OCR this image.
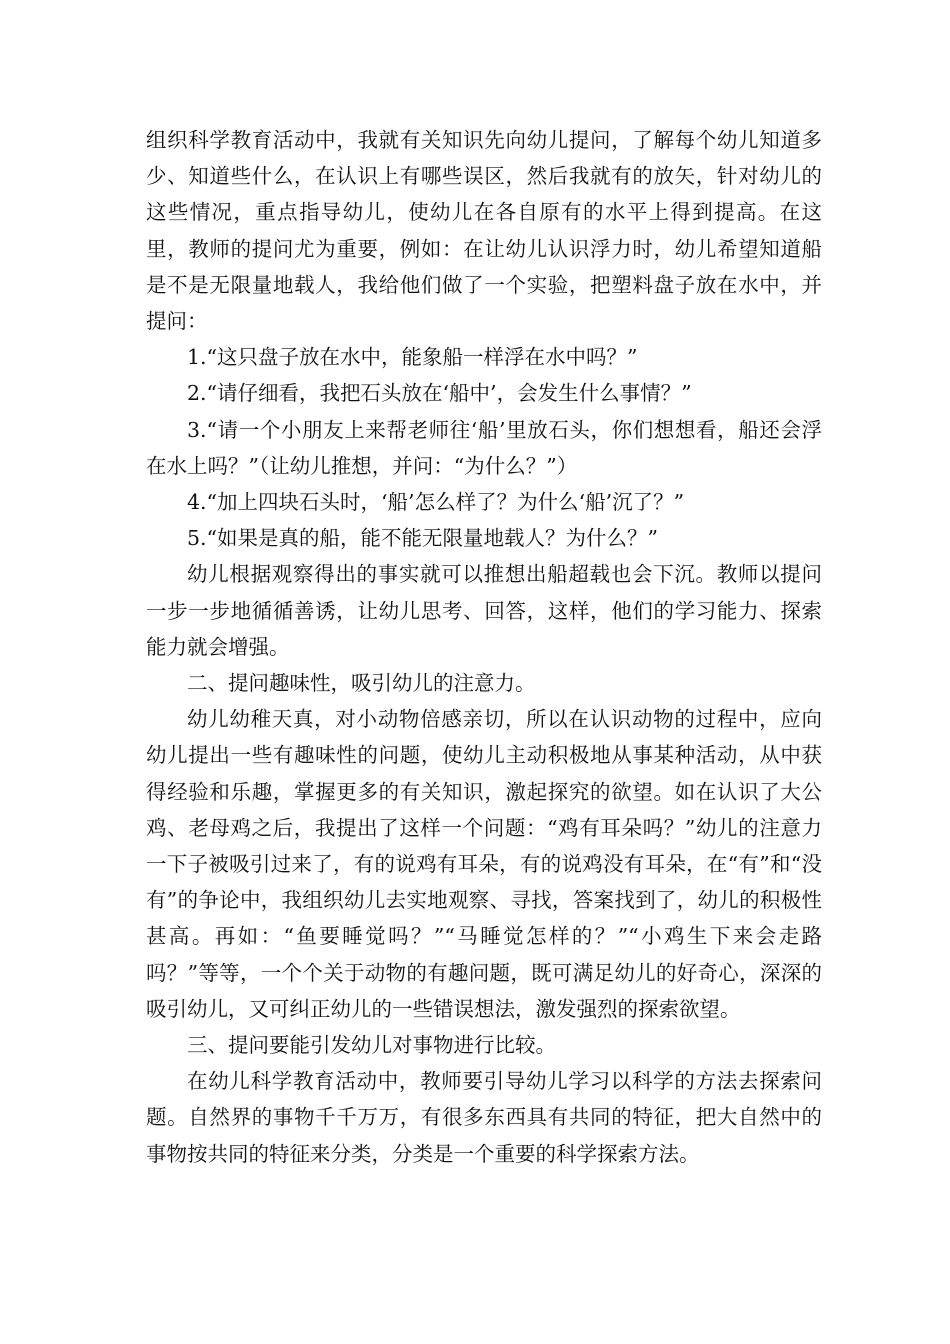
组织科学教育活动中，我就有关知识先向幼儿提问，了解每个幼儿知道多少、知道些什么，在认识上有哪些误区，然后我就有的放矢，针对幼儿的这些情况，重点指导幼儿，使幼儿在各自原有的水平上得到提高。在这里，教师的提问尤为重要，例如：在让幼儿认识浮力时，幼儿希望知道船是不是无限量地载人，我给他们做了一个实验，把塑料盘子放在水中，并提问：

1.“这只盘子放在水中，能象船一样浮在水中吗？”

2.“请仔细看，我把石头放在‘船中’，会发生什么事情？”

3.“请一个小朋友上来帮老师往‘船’里放石头，你们想想看，船还会浮在水上吗？”（让幼儿推想，并问：“为什么？”）

4.“加上四块石头时，‘船’怎么样了？为什么‘船’沉了？”

5.“如果是真的船，能不能无限量地载人？为什么？”

幼儿根据观察得出的事实就可以推想出船超载也会下沉。教师以提问一步一步地循循善诱，让幼儿思考、回答，这样，他们的学习能力、探索能力就会增强。

二、提问趣味性，吸引幼儿的注意力。

幼儿幼稚天真，对小动物倍感亲切，所以在认识动物的过程中，应向幼儿提出一些有趣味性的问题，使幼儿主动积极地从事某种活动，从中获得经验和乐趣，掌握更多的有关知识，激起探究的欲望。如在认识了大公鸡、老母鸡之后，我提出了这样一个问题：“鸡有耳朵吗？”幼儿的注意力一下子被吸引过来了，有的说鸡有耳朵，有的说鸡没有耳朵，在“有”和“没有”的争论中，我组织幼儿去实地观察、寻找，答案找到了，幼儿的积极性甚高。再如：“鱼要睡觉吗？”“马睡觉怎样的？”“小鸡生下来会走路吗？”等等，一个个关于动物的有趣问题，既可满足幼儿的好奇心，深深的吸引幼儿，又可纠正幼儿的一些错误想法，激发强烈的探索欲望。

三、提问要能引发幼儿对事物进行比较。

在幼儿科学教育活动中，教师要引导幼儿学习以科学的方法去探索问题。自然界的事物千千万万，有很多东西具有共同的特征，把大自然中的事物按共同的特征来分类，分类是一个重要的科学探索方法。
